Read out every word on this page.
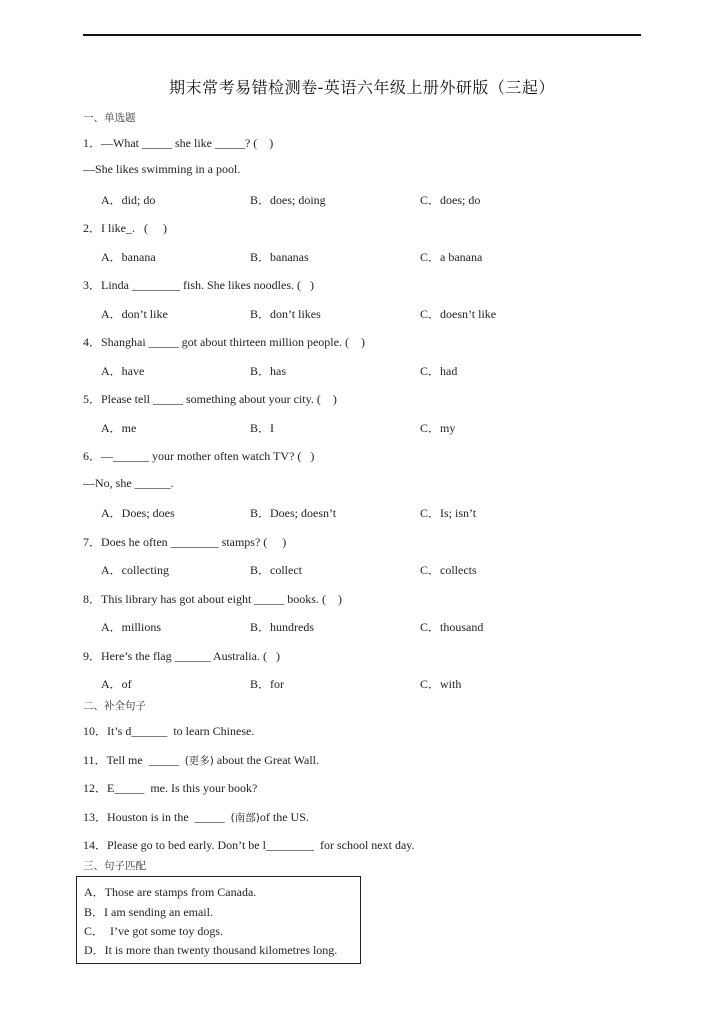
期末常考易错检测卷-英语六年级上册外研版（三起）
一、单选题
1．—What _____ she like _____? (    )
—She likes swimming in a pool.
A．did; do	B．does; doing	C．does; do
2．I like_.   (     )
A．banana	B．bananas	C．a banana
3．Linda ________ fish. She likes noodles. (   )
A．don’t like	B．don’t likes	C．doesn’t like
4．Shanghai _____ got about thirteen million people. (    )
A．have	B．has	C．had
5．Please tell _____ something about your city. (    )
A．me	B．I	C．my
6．—______ your mother often watch TV? (   )
—No, she ______.
A．Does; does	B．Does; doesn’t	C．Is; isn’t
7．Does he often ________ stamps? (     )
A．collecting	B．collect	C．collects
8．This library has got about eight _____ books. (    )
A．millions	B．hundreds	C．thousand
9．Here’s the flag ______ Australia. (   )
A．of	B．for	C．with
二、补全句子
10．It’s d______  to learn Chinese.
11．Tell me  _____  (更多) about the Great Wall.
12．E_____  me. Is this your book?
13．Houston is in the  _____  (南部)of the US.
14．Please go to bed early. Don’t be l________  for school next day.
三、句子匹配
A．Those are stamps from Canada.
B．I am sending an email.
C．  I’ve got some toy dogs.
D．It is more than twenty thousand kilometres long.
